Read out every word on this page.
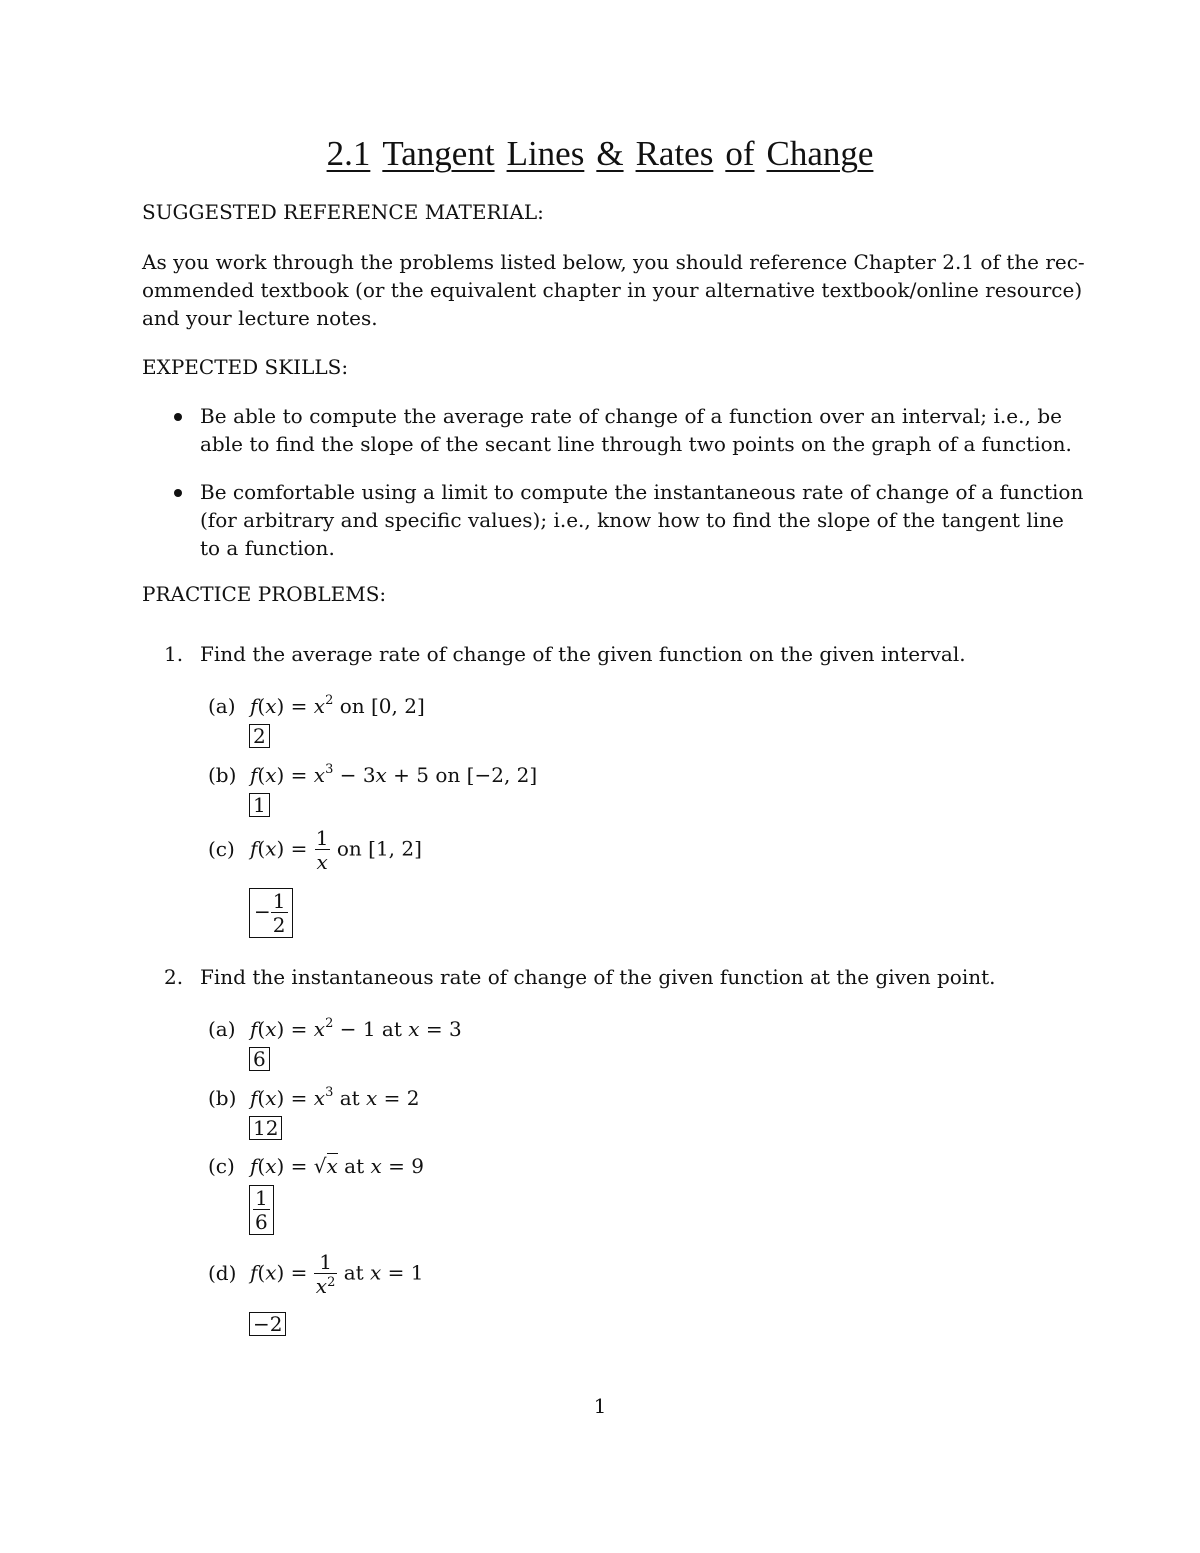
2.1 Tangent Lines & Rates of Change
SUGGESTED REFERENCE MATERIAL:
As you work through the problems listed below, you should reference Chapter 2.1 of the rec-
ommended textbook (or the equivalent chapter in your alternative textbook/online resource)
and your lecture notes.
EXPECTED SKILLS:
Be able to compute the average rate of change of a function over an interval; i.e., be
able to find the slope of the secant line through two points on the graph of a function.
Be comfortable using a limit to compute the instantaneous rate of change of a function
(for arbitrary and specific values); i.e., know how to find the slope of the tangent line
to a function.
PRACTICE PROBLEMS:
1. Find the average rate of change of the given function on the given interval.
(a) $f(x) = x^2$ on [0, 2]
2
(b) $f(x) = x^3 - 3x + 5$ on [−2, 2]
1
(c) $f(x) = \frac{1}{x}$ on [1, 2]
− $\frac{1}{2}$
2. Find the instantaneous rate of change of the given function at the given point.
(a) $f(x) = x^2 - 1$ at x = 3
6
(b) $f(x) = x^3$ at x = 2
12
(c) f(x) = √x at x = 9
$\frac{1}{6}$
(d) $f(x) = \frac{1}{x^2}$ at x = 1
−2
1
